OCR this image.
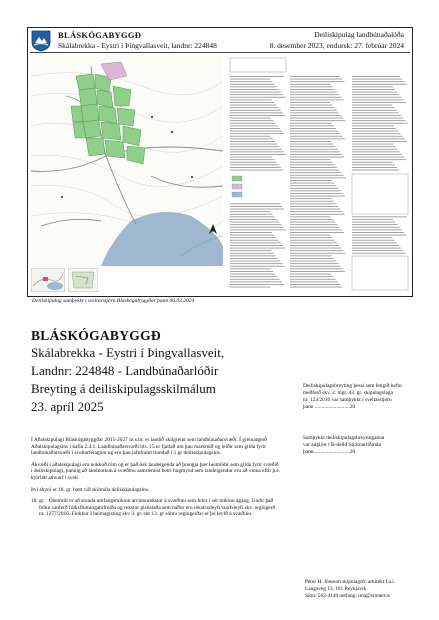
BLÁSKÓGABYGGÐ
Skálabrekka - Eystri í Þingvallasveit, landnr: 224848
Deiliskipulag landbúnaðalóða
8. desember 2023, endursk: 27. febrúar 2024
Deiliskipulag samþykkt í sveitarstjórn Bláskógabyggðar þann 06.03.2024

BLÁSKÓGABYGGÐ

Skálabrekka - Eystri í Þingvallasveit,

Landnr: 224848 - Landbúnaðarlóðir

Breyting á deiliskipulagsskilmálum

23. apríl 2025

Í Aðalskipulagi Bláskógabyggðar 2015-2027 m.s.br. er landið skilgreint sem landbúnaðarsvæði. Í greinargerð Aðalskipulagsins í kafla 2.4.1. Landbúnaðarsvæði bls. 15 er fjallað um þau markmið og leiðir sem gilda fyrir landbúnaðarsvæði í sveitarfélaginu og eru þau jafnframt tiundað í 1.gr deiliskipulagsins.

Ákvæði í aðalskipulagi eru nokkuð rúm og er það ósk landeigenda að þrengja þær heimildir sem gilda fyrir svæðið í deiliskipulagi, þannig að landnotkun á svæðinu samræmist betri hugmynd sem landeigendur eru að vinna eftir þ.e. kyrrlátt athvarf í sveit.

Því skyni er 18. gr. bætt við skilmála deiliskipulagsins.

18. gr. Óheimilt er að stunda umfangsmikinn atvinnurekstur á svæðinu sem felur í sér mikinn ágang. Undir það fellur umferð fólksflutningabifreiða og rekstur gististaða sem háður eru rekstrarleyfi/starfsleyfi skv. reglugerð nr. 1277/2016. Flokkur I heimagisting skv 3. gr. sbr 13. gr sömu reglugerðar er þó leyfð á svæðinu.

Deiliskipulagsbreyting þessi sem fengið hefur

meðferð skv. 2. mgr. 43. gr. skipulagslaga

nr. 123/2010 var samþykkt í sveitarstjórn

þann ..........................20

Samþykkt deiliskipulagsbreytinganna

var auglýst í B-deild Stjórnartíðinda

þann...........................20

Pétur H. Jónsson skipulagsfr. arkitekt f.a.í.

Laugaveg 13, 101 Reykjavík

Sími: 562-4140 netfang: imа@simnet.is
